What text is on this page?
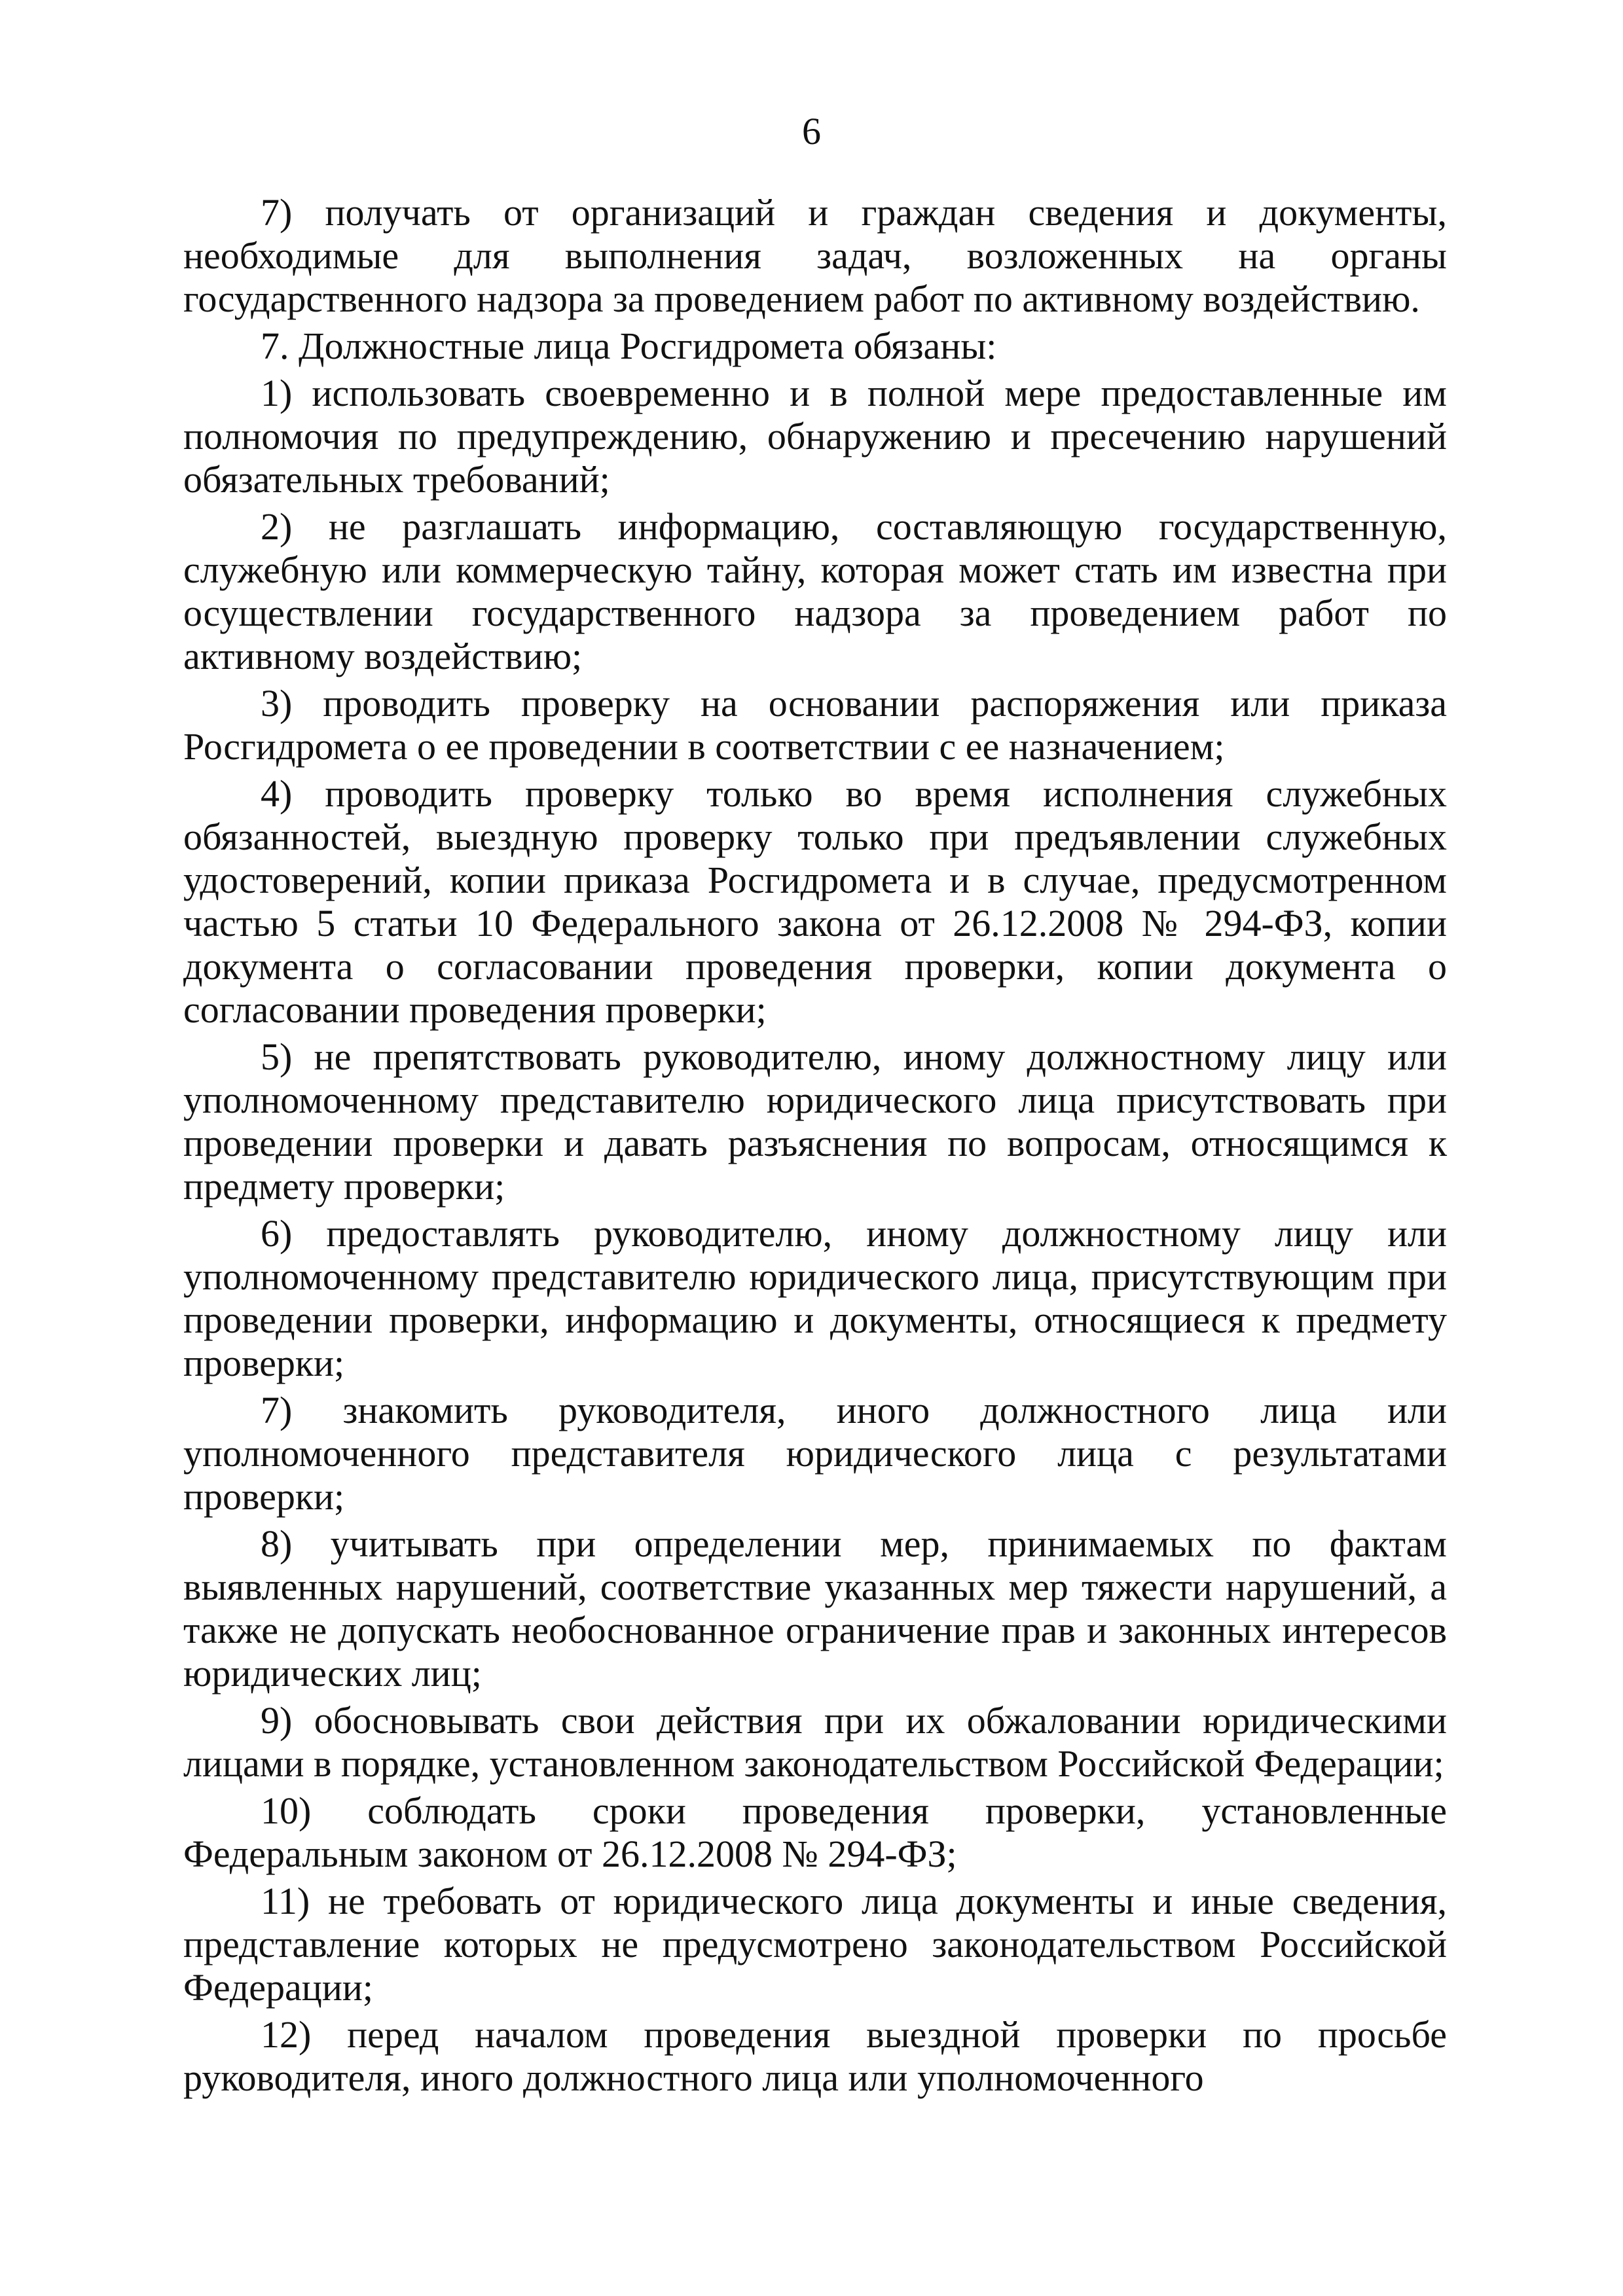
6

7) получать от организаций и граждан сведения и документы, необходимые для выполнения задач, возложенных на органы государственного надзора за проведением работ по активному воздействию.

7. Должностные лица Росгидромета обязаны:

1) использовать своевременно и в полной мере предоставленные им полномочия по предупреждению, обнаружению и пресечению нарушений обязательных требований;

2) не разглашать информацию, составляющую государственную, служебную или коммерческую тайну, которая может стать им известна при осуществлении государственного надзора за проведением работ по активному воздействию;

3) проводить проверку на основании распоряжения или приказа Росгидромета о ее проведении в соответствии с ее назначением;

4) проводить проверку только во время исполнения служебных обязанностей, выездную проверку только при предъявлении служебных удостоверений, копии приказа Росгидромета и в случае, предусмотренном частью 5 статьи 10 Федерального закона от 26.12.2008 № 294-ФЗ, копии документа о согласовании проведения проверки, копии документа о согласовании проведения проверки;

5) не препятствовать руководителю, иному должностному лицу или уполномоченному представителю юридического лица присутствовать при проведении проверки и давать разъяснения по вопросам, относящимся к предмету проверки;

6) предоставлять руководителю, иному должностному лицу или уполномоченному представителю юридического лица, присутствующим при проведении проверки, информацию и документы, относящиеся к предмету проверки;

7) знакомить руководителя, иного должностного лица или уполномоченного представителя юридического лица с результатами проверки;

8) учитывать при определении мер, принимаемых по фактам выявленных нарушений, соответствие указанных мер тяжести нарушений, а также не допускать необоснованное ограничение прав и законных интересов юридических лиц;

9) обосновывать свои действия при их обжаловании юридическими лицами в порядке, установленном законодательством Российской Федерации;

10) соблюдать сроки проведения проверки, установленные Федеральным законом от 26.12.2008 № 294-ФЗ;

11) не требовать от юридического лица документы и иные сведения, представление которых не предусмотрено законодательством Российской Федерации;

12) перед началом проведения выездной проверки по просьбе руководителя, иного должностного лица или уполномоченного
